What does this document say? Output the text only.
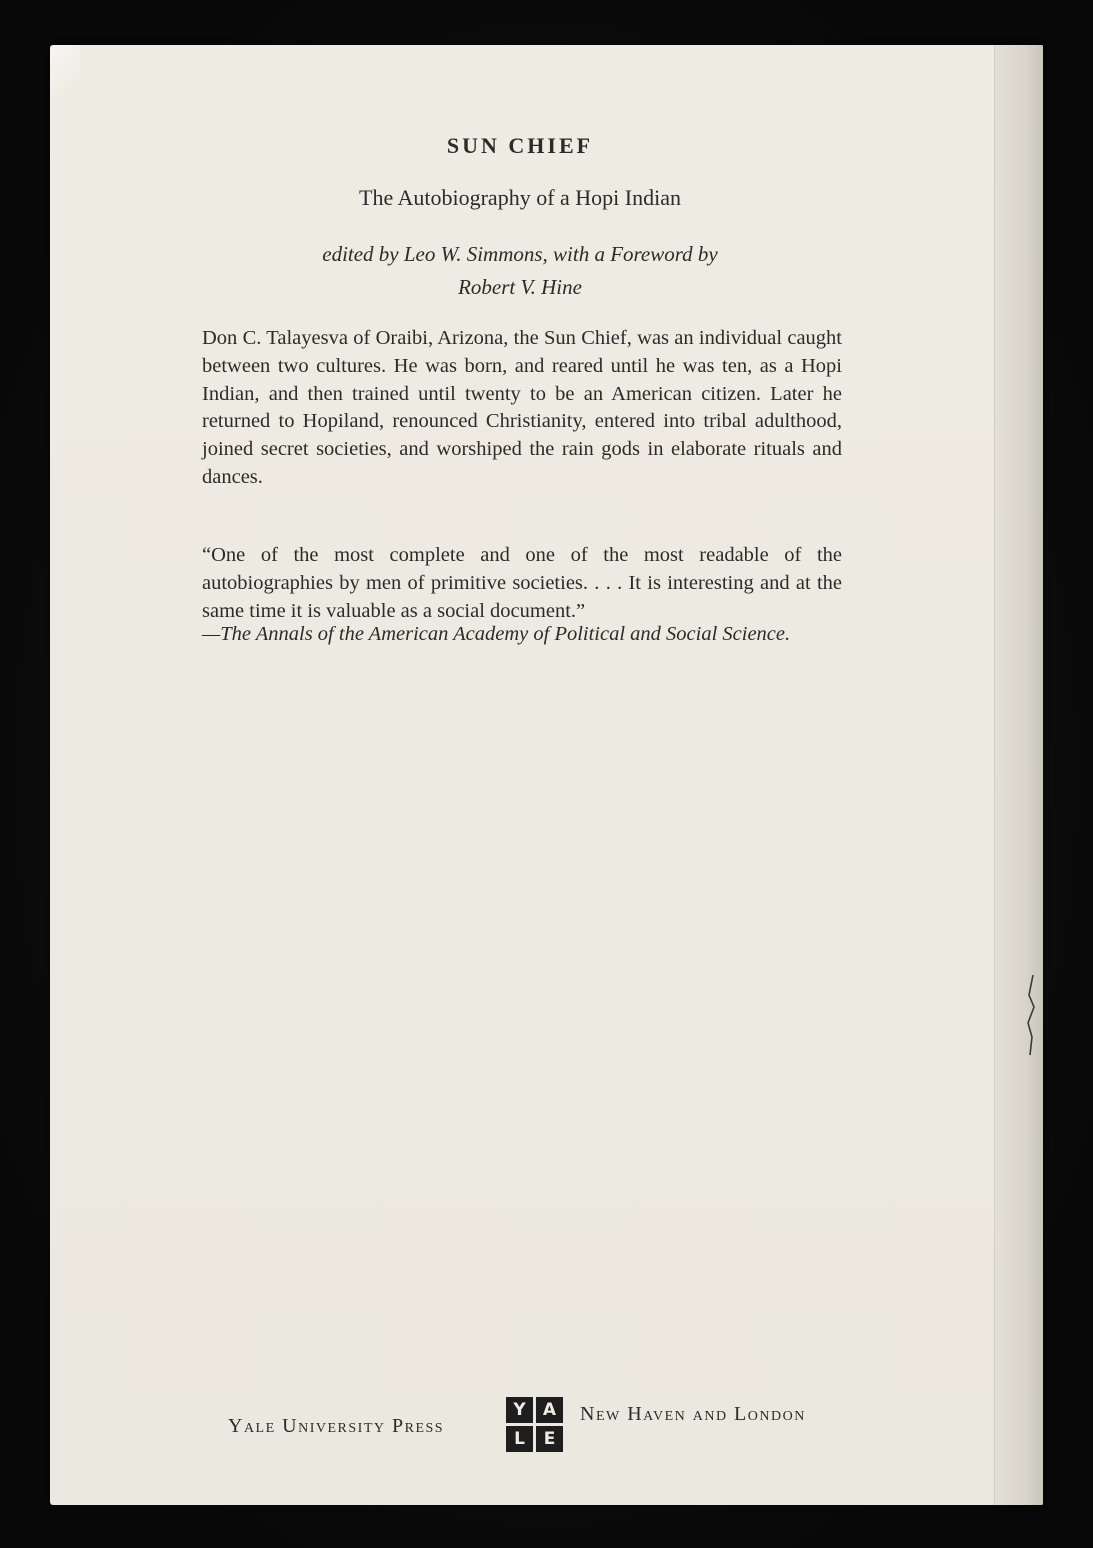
SUN CHIEF
The Autobiography of a Hopi Indian
edited by Leo W. Simmons, with a Foreword by
Robert V. Hine

Don C. Talayesva of Oraibi, Arizona, the Sun Chief, was an individual caught between two cultures. He was born, and reared until he was ten, as a Hopi Indian, and then trained until twenty to be an American citizen. Later he returned to Hopiland, renounced Christianity, entered into tribal adulthood, joined secret societies, and worshiped the rain gods in elaborate rituals and dances.

“One of the most complete and one of the most readable of the autobiographies by men of primitive societies. . . . It is interesting and at the same time it is valuable as a social document.”

—The Annals of the American Academy of Political and Social Science.

Yale University Press
Y	A
L	E
New Haven and London
